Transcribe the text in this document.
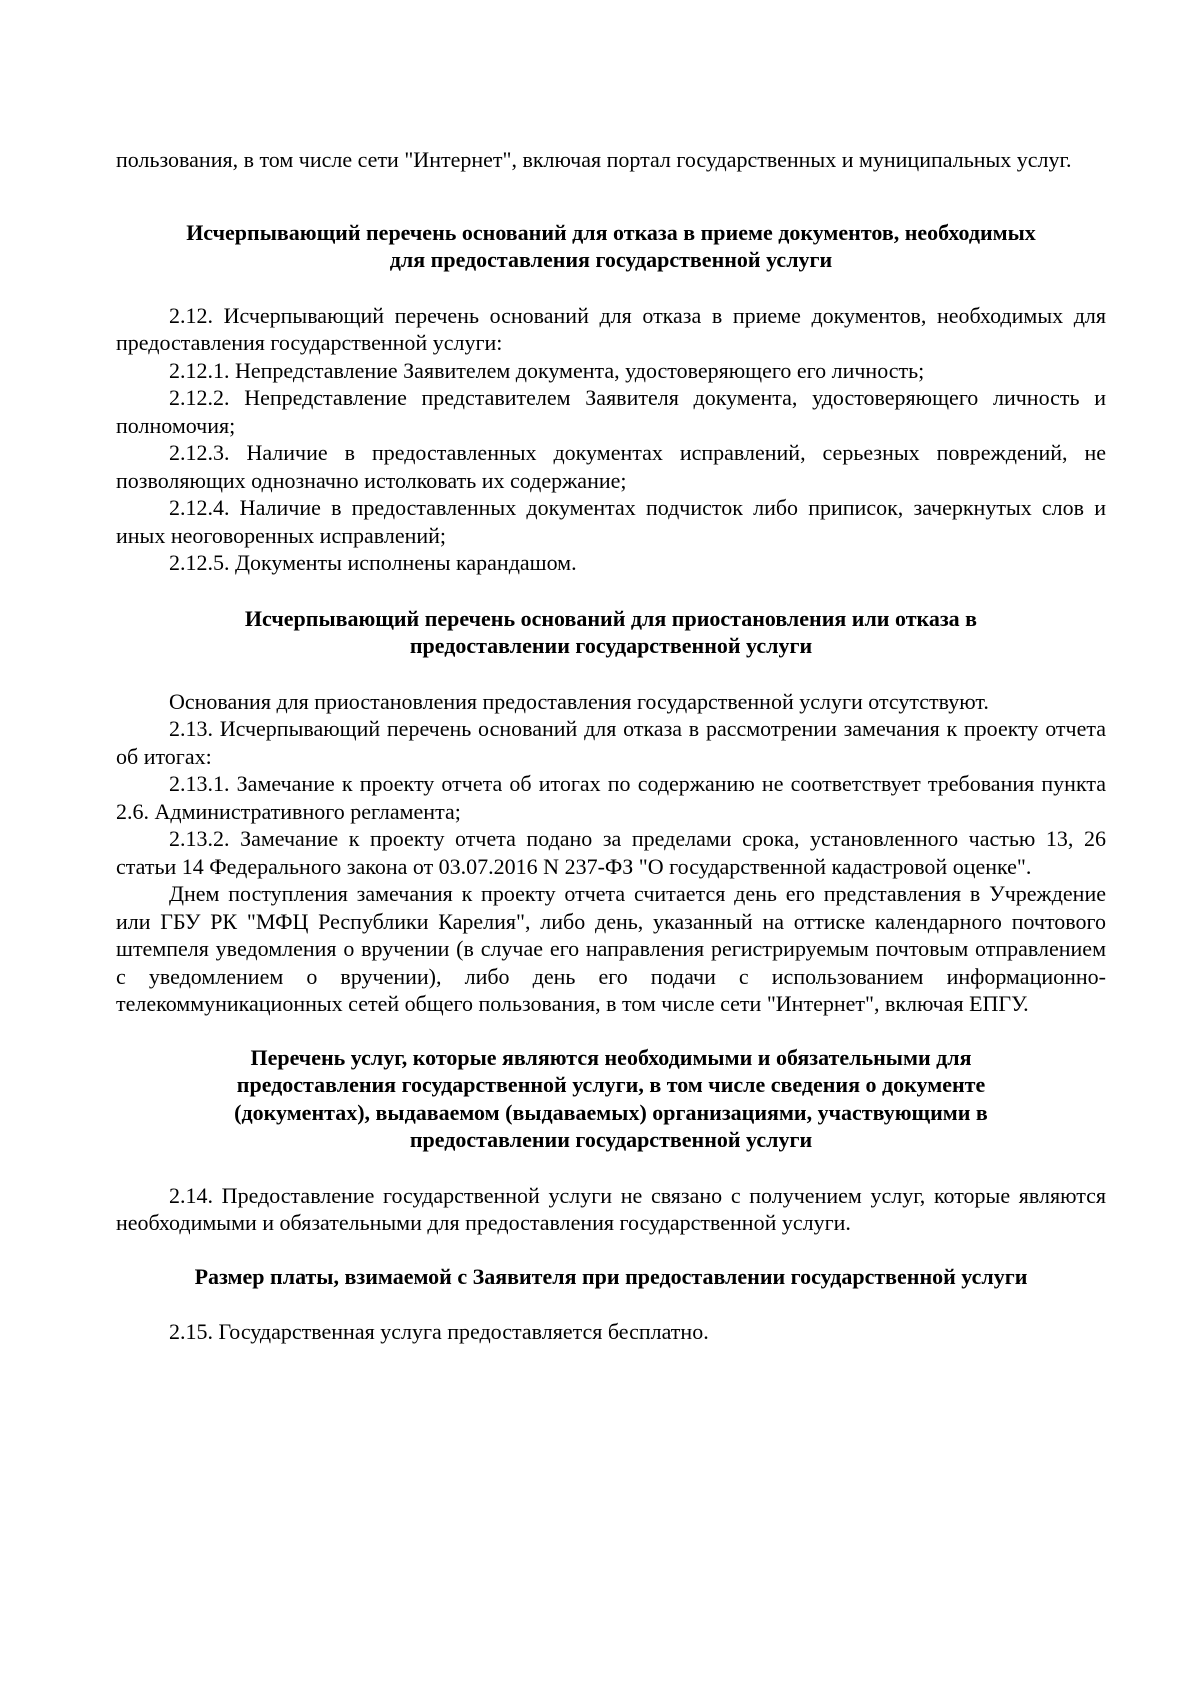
пользования, в том числе сети "Интернет", включая портал государственных и муниципальных услуг.

Исчерпывающий перечень оснований для отказа в приеме документов, необходимых
для предоставления государственной услуги

2.12. Исчерпывающий перечень оснований для отказа в приеме документов, необходимых для предоставления государственной услуги:

2.12.1. Непредставление Заявителем документа, удостоверяющего его личность;

2.12.2. Непредставление представителем Заявителя документа, удостоверяющего личность и полномочия;

2.12.3. Наличие в предоставленных документах исправлений, серьезных повреждений, не позволяющих однозначно истолковать их содержание;

2.12.4. Наличие в предоставленных документах подчисток либо приписок, зачеркнутых слов и иных неоговоренных исправлений;

2.12.5. Документы исполнены карандашом.

Исчерпывающий перечень оснований для приостановления или отказа в
предоставлении государственной услуги

Основания для приостановления предоставления государственной услуги отсутствуют.

2.13. Исчерпывающий перечень оснований для отказа в рассмотрении замечания к проекту отчета об итогах:

2.13.1. Замечание к проекту отчета об итогах по содержанию не соответствует требования пункта 2.6. Административного регламента;

2.13.2. Замечание к проекту отчета подано за пределами срока, установленного частью 13, 26 статьи 14 Федерального закона от 03.07.2016 N 237-ФЗ "О государственной кадастровой оценке".

Днем поступления замечания к проекту отчета считается день его представления в Учреждение или ГБУ РК "МФЦ Республики Карелия", либо день, указанный на оттиске календарного почтового штемпеля уведомления о вручении (в случае его направления регистрируемым почтовым отправлением с уведомлением о вручении), либо день его подачи с использованием информационно-телекоммуникационных сетей общего пользования, в том числе сети "Интернет", включая ЕПГУ.

Перечень услуг, которые являются необходимыми и обязательными для
предоставления государственной услуги, в том числе сведения о документе
(документах), выдаваемом (выдаваемых) организациями, участвующими в
предоставлении государственной услуги

2.14. Предоставление государственной услуги не связано с получением услуг, которые являются необходимыми и обязательными для предоставления государственной услуги.

Размер платы, взимаемой с Заявителя при предоставлении государственной услуги

2.15. Государственная услуга предоставляется бесплатно.
